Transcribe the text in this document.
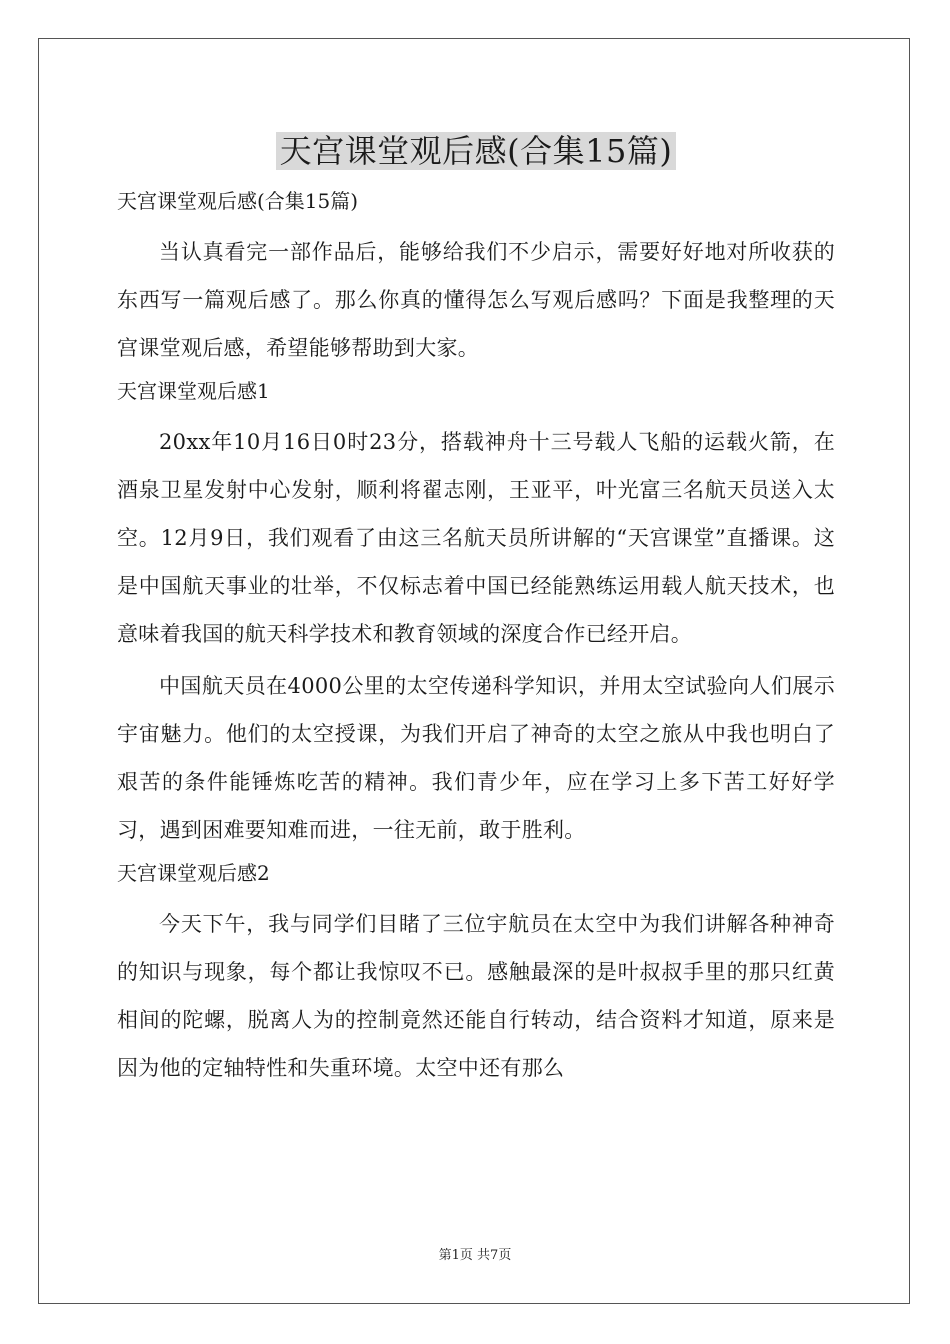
天宫课堂观后感(合集15篇)

天宫课堂观后感(合集15篇)

当认真看完一部作品后，能够给我们不少启示，需要好好地对所收获的东西写一篇观后感了。那么你真的懂得怎么写观后感吗？下面是我整理的天宫课堂观后感，希望能够帮助到大家。

天宫课堂观后感1

20xx年10月16日0时23分，搭载神舟十三号载人飞船的运载火箭，在酒泉卫星发射中心发射，顺利将翟志刚，王亚平，叶光富三名航天员送入太空。12月9日，我们观看了由这三名航天员所讲解的“天宫课堂”直播课。这是中国航天事业的壮举，不仅标志着中国已经能熟练运用载人航天技术，也意味着我国的航天科学技术和教育领域的深度合作已经开启。

中国航天员在4000公里的太空传递科学知识，并用太空试验向人们展示宇宙魅力。他们的太空授课，为我们开启了神奇的太空之旅从中我也明白了艰苦的条件能锤炼吃苦的精神。我们青少年，应在学习上多下苦工好好学习，遇到困难要知难而进，一往无前，敢于胜利。

天宫课堂观后感2

今天下午，我与同学们目睹了三位宇航员在太空中为我们讲解各种神奇的知识与现象，每个都让我惊叹不已。感触最深的是叶叔叔手里的那只红黄相间的陀螺，脱离人为的控制竟然还能自行转动，结合资料才知道，原来是因为他的定轴特性和失重环境。太空中还有那么

第1页 共7页
